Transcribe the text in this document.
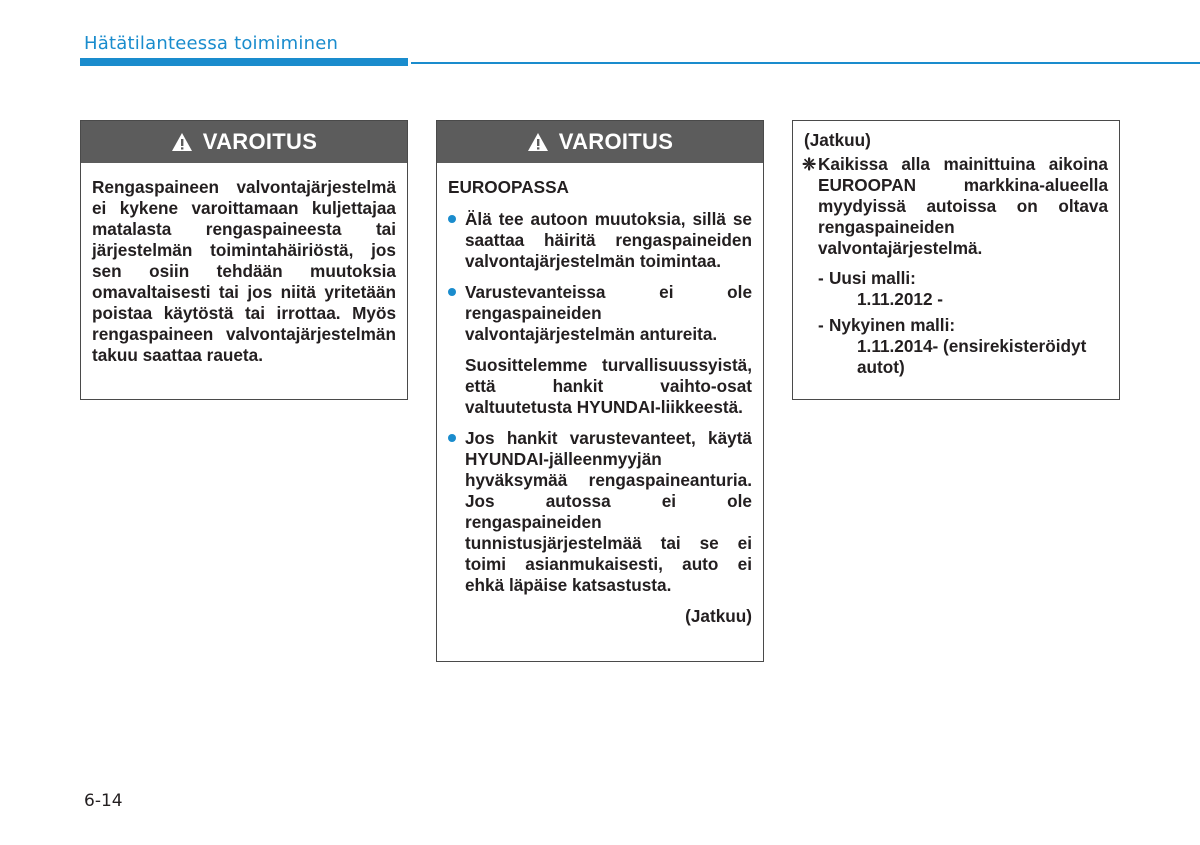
Hätätilanteessa toimiminen
VAROITUS
Rengaspaineen valvontajärjestelmä ei kykene varoittamaan kuljettajaa matalasta rengaspaineesta tai järjestelmän toimintahäiriöstä, jos sen osiin tehdään muutoksia omavaltaisesti tai jos niitä yritetään poistaa käytöstä tai irrottaa. Myös rengaspaineen valvontajärjestelmän takuu saattaa raueta.
VAROITUS
EUROOPASSA
Älä tee autoon muutoksia, sillä se saattaa häiritä rengaspaineiden valvontajärjestelmän toimintaa.
Varustevanteissa ei ole rengaspaineiden valvontajärjestelmän antureita.
Suosittelemme turvallisuussyistä, että hankit vaihto-osat valtuutetusta HYUNDAI-liikkeestä.
Jos hankit varustevanteet, käytä HYUNDAI-jälleenmyyjän hyväksymää rengaspaineanturia. Jos autossa ei ole rengaspaineiden tunnistusjärjestelmää tai se ei toimi asianmukaisesti, auto ei ehkä läpäise katsastusta.
(Jatkuu)
(Jatkuu)
❈ Kaikissa alla mainittuina aikoina EUROOPAN markkina-alueella myydyissä autoissa on oltava rengaspaineiden valvontajärjestelmä.
- Uusi malli:
1.11.2012 -
- Nykyinen malli:
1.11.2014- (ensirekisteröidyt autot)
6-14
